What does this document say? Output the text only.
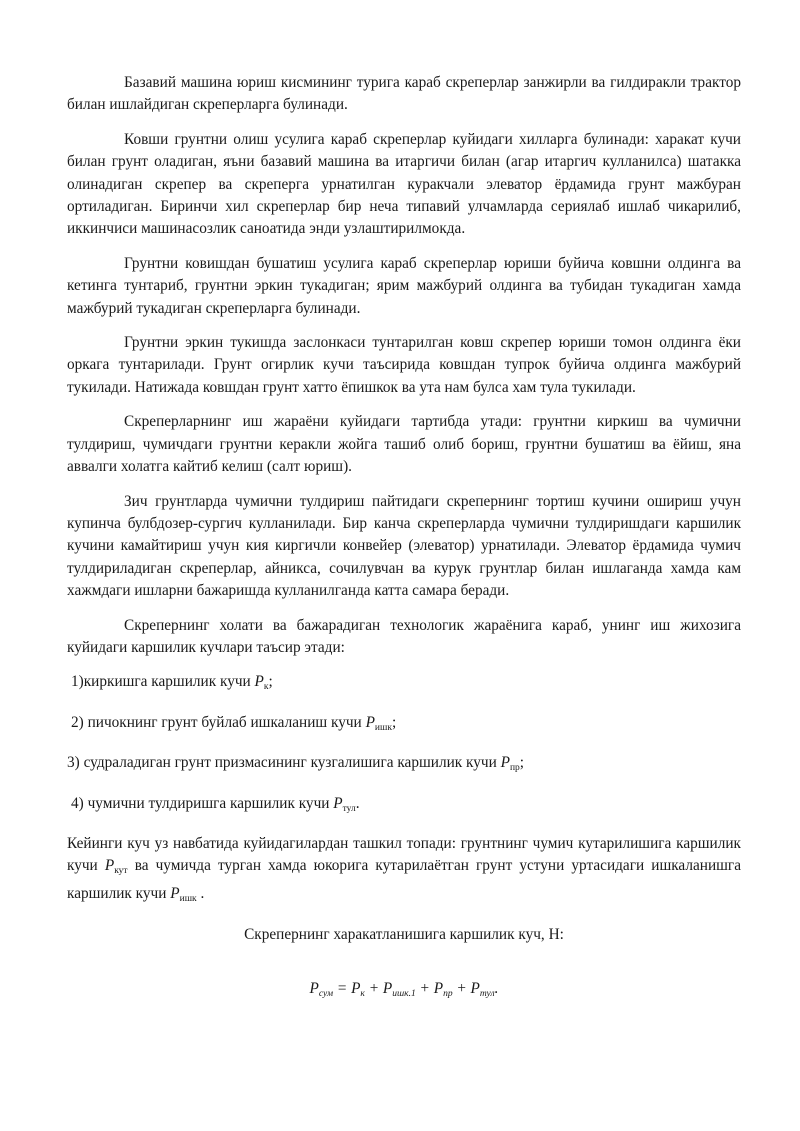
Базавий машина юриш кисмининг турига караб скреперлар занжирли ва гилдиракли трактор билан ишлайдиган скреперларга булинади.

Ковши грунтни олиш усулига караб скреперлар куйидаги хилларга булинади: харакат кучи билан грунт оладиган, яъни базавий машина ва итаргичи билан (агар итаргич кулланилса) шатакка олинадиган скрепер ва скреперга урнатилган куракчали элеватор ёрдамида грунт мажбуран ортиладиган. Биринчи хил скреперлар бир неча типавий улчамларда сериялаб ишлаб чикарилиб, иккинчиси машинасозлик саноатида энди узлаштирилмокда.

Грунтни ковишдан бушатиш усулига караб скреперлар юриши буйича ковшни олдинга ва кетинга тунтариб, грунтни эркин тукадиган; ярим мажбурий олдинга ва тубидан тукадиган хамда мажбурий тукадиган скреперларга булинади.

Грунтни эркин тукишда заслонкаси тунтарилган ковш скрепер юриши томон олдинга ёки оркага тунтарилади. Грунт огирлик кучи таъсирида ковшдан тупрок буйича олдинга мажбурий тукилади. Натижада ковшдан грунт хатто ёпишкок ва ута нам булса хам тула тукилади.

Скреперларнинг иш жараёни куйидаги тартибда утади: грунтни киркиш ва чумични тулдириш, чумичдаги грунтни керакли жойга ташиб олиб бориш, грунтни бушатиш ва ёйиш, яна аввалги холатга кайтиб келиш (салт юриш).

Зич грунтларда чумични тулдириш пайтидаги скрепернинг тортиш кучини ошириш учун купинча булбдозер-сургич кулланилади. Бир канча скреперларда чумични тулдиришдаги каршилик кучини камайтириш учун кия киргичли конвейер (элеватор) урнатилади. Элеватор ёрдамида чумич тулдириладиган скреперлар, айникса, сочилувчан ва курук грунтлар билан ишлаганда хамда кам хажмдаги ишларни бажаришда кулланилганда катта самара беради.

Скрепернинг холати ва бажарадиган технологик жараёнига караб, унинг иш жихозига куйидаги каршилик кучлари таъсир этади:

1)киркишга каршилик кучи $P_к$;

2) пичокнинг грунт буйлаб ишкаланиш кучи $P_{ишк}$;

3) судраладиган грунт призмасининг кузгалишига каршилик кучи $P_{пр}$;

4) чумични тулдиришга каршилик кучи $P_{тул}$.

Кейинги куч уз навбатида куйидагилардан ташкил топади: грунтнинг чумич кутарилишига каршилик кучи $P_{кут}$ ва чумичда турган хамда юкорига кутарилаётган грунт устуни уртасидаги ишкаланишга каршилик кучи $P_{ишк}$ .

Скрепернинг харакатланишига каршилик куч, Н:

$P_{сум} = P_к + P_{ишк.1} + P_{пр} + P_{тул}$.
